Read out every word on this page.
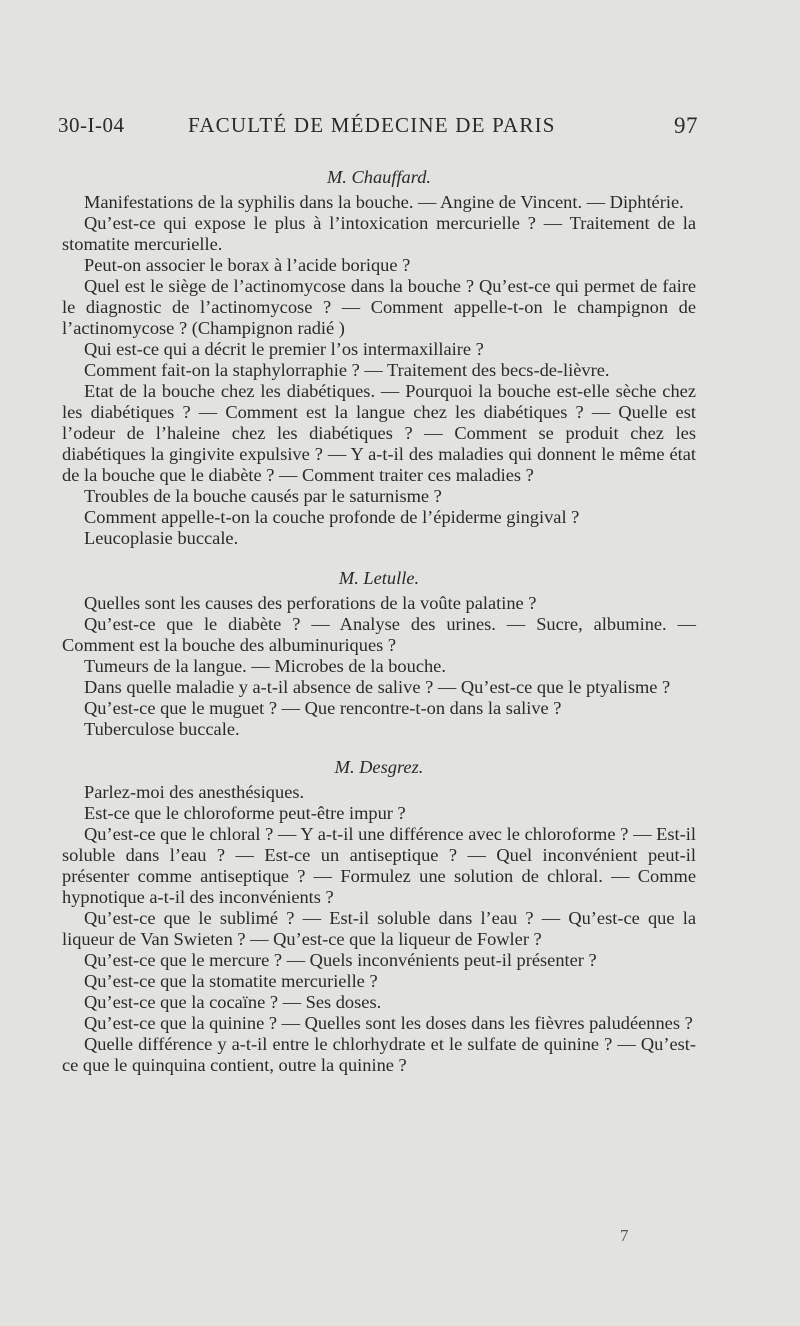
30-I-04	FACULTÉ DE MÉDECINE DE PARIS	97
M. Chauffard.

Manifestations de la syphilis dans la bouche. — Angine de Vincent. — Diphtérie.

Qu’est-ce qui expose le plus à l’intoxication mercurielle ? — Traitement de la stomatite mercurielle.

Peut-on associer le borax à l’acide borique ?

Quel est le siège de l’actinomycose dans la bouche ? Qu’est-ce qui permet de faire le diagnostic de l’actinomycose ? — Comment appelle-t-on le champignon de l’actinomycose ? (Champignon radié )

Qui est-ce qui a décrit le premier l’os intermaxillaire ?

Comment fait-on la staphylorraphie ? — Traitement des becs-de-lièvre.

Etat de la bouche chez les diabétiques. — Pourquoi la bouche est-elle sèche chez les diabétiques ? — Comment est la langue chez les diabétiques ? — Quelle est l’odeur de l’haleine chez les diabétiques ? — Comment se produit chez les diabétiques la gingivite expulsive ? — Y a-t-il des maladies qui donnent le même état de la bouche que le diabète ? — Comment traiter ces maladies ?

Troubles de la bouche causés par le saturnisme ?

Comment appelle-t-on la couche profonde de l’épiderme gingival ?

Leucoplasie buccale.

M. Letulle.

Quelles sont les causes des perforations de la voûte palatine ?

Qu’est-ce que le diabète ? — Analyse des urines. — Sucre, albumine. — Comment est la bouche des albuminuriques ?

Tumeurs de la langue. — Microbes de la bouche.

Dans quelle maladie y a-t-il absence de salive ? — Qu’est-ce que le ptyalisme ?

Qu’est-ce que le muguet ? — Que rencontre-t-on dans la salive ?

Tuberculose buccale.

M. Desgrez.

Parlez-moi des anesthésiques.

Est-ce que le chloroforme peut-être impur ?

Qu’est-ce que le chloral ? — Y a-t-il une différence avec le chloroforme ? — Est-il soluble dans l’eau ? — Est-ce un antiseptique ? — Quel inconvénient peut-il présenter comme antiseptique ? — Formulez une solution de chloral. — Comme hypnotique a-t-il des inconvénients ?

Qu’est-ce que le sublimé ? — Est-il soluble dans l’eau ? — Qu’est-ce que la liqueur de Van Swieten ? — Qu’est-ce que la liqueur de Fowler ?

Qu’est-ce que le mercure ? — Quels inconvénients peut-il présenter ?

Qu’est-ce que la stomatite mercurielle ?

Qu’est-ce que la cocaïne ? — Ses doses.

Qu’est-ce que la quinine ? — Quelles sont les doses dans les fièvres paludéennes ?

Quelle différence y a-t-il entre le chlorhydrate et le sulfate de quinine ? — Qu’est-ce que le quinquina contient, outre la quinine ?

7
